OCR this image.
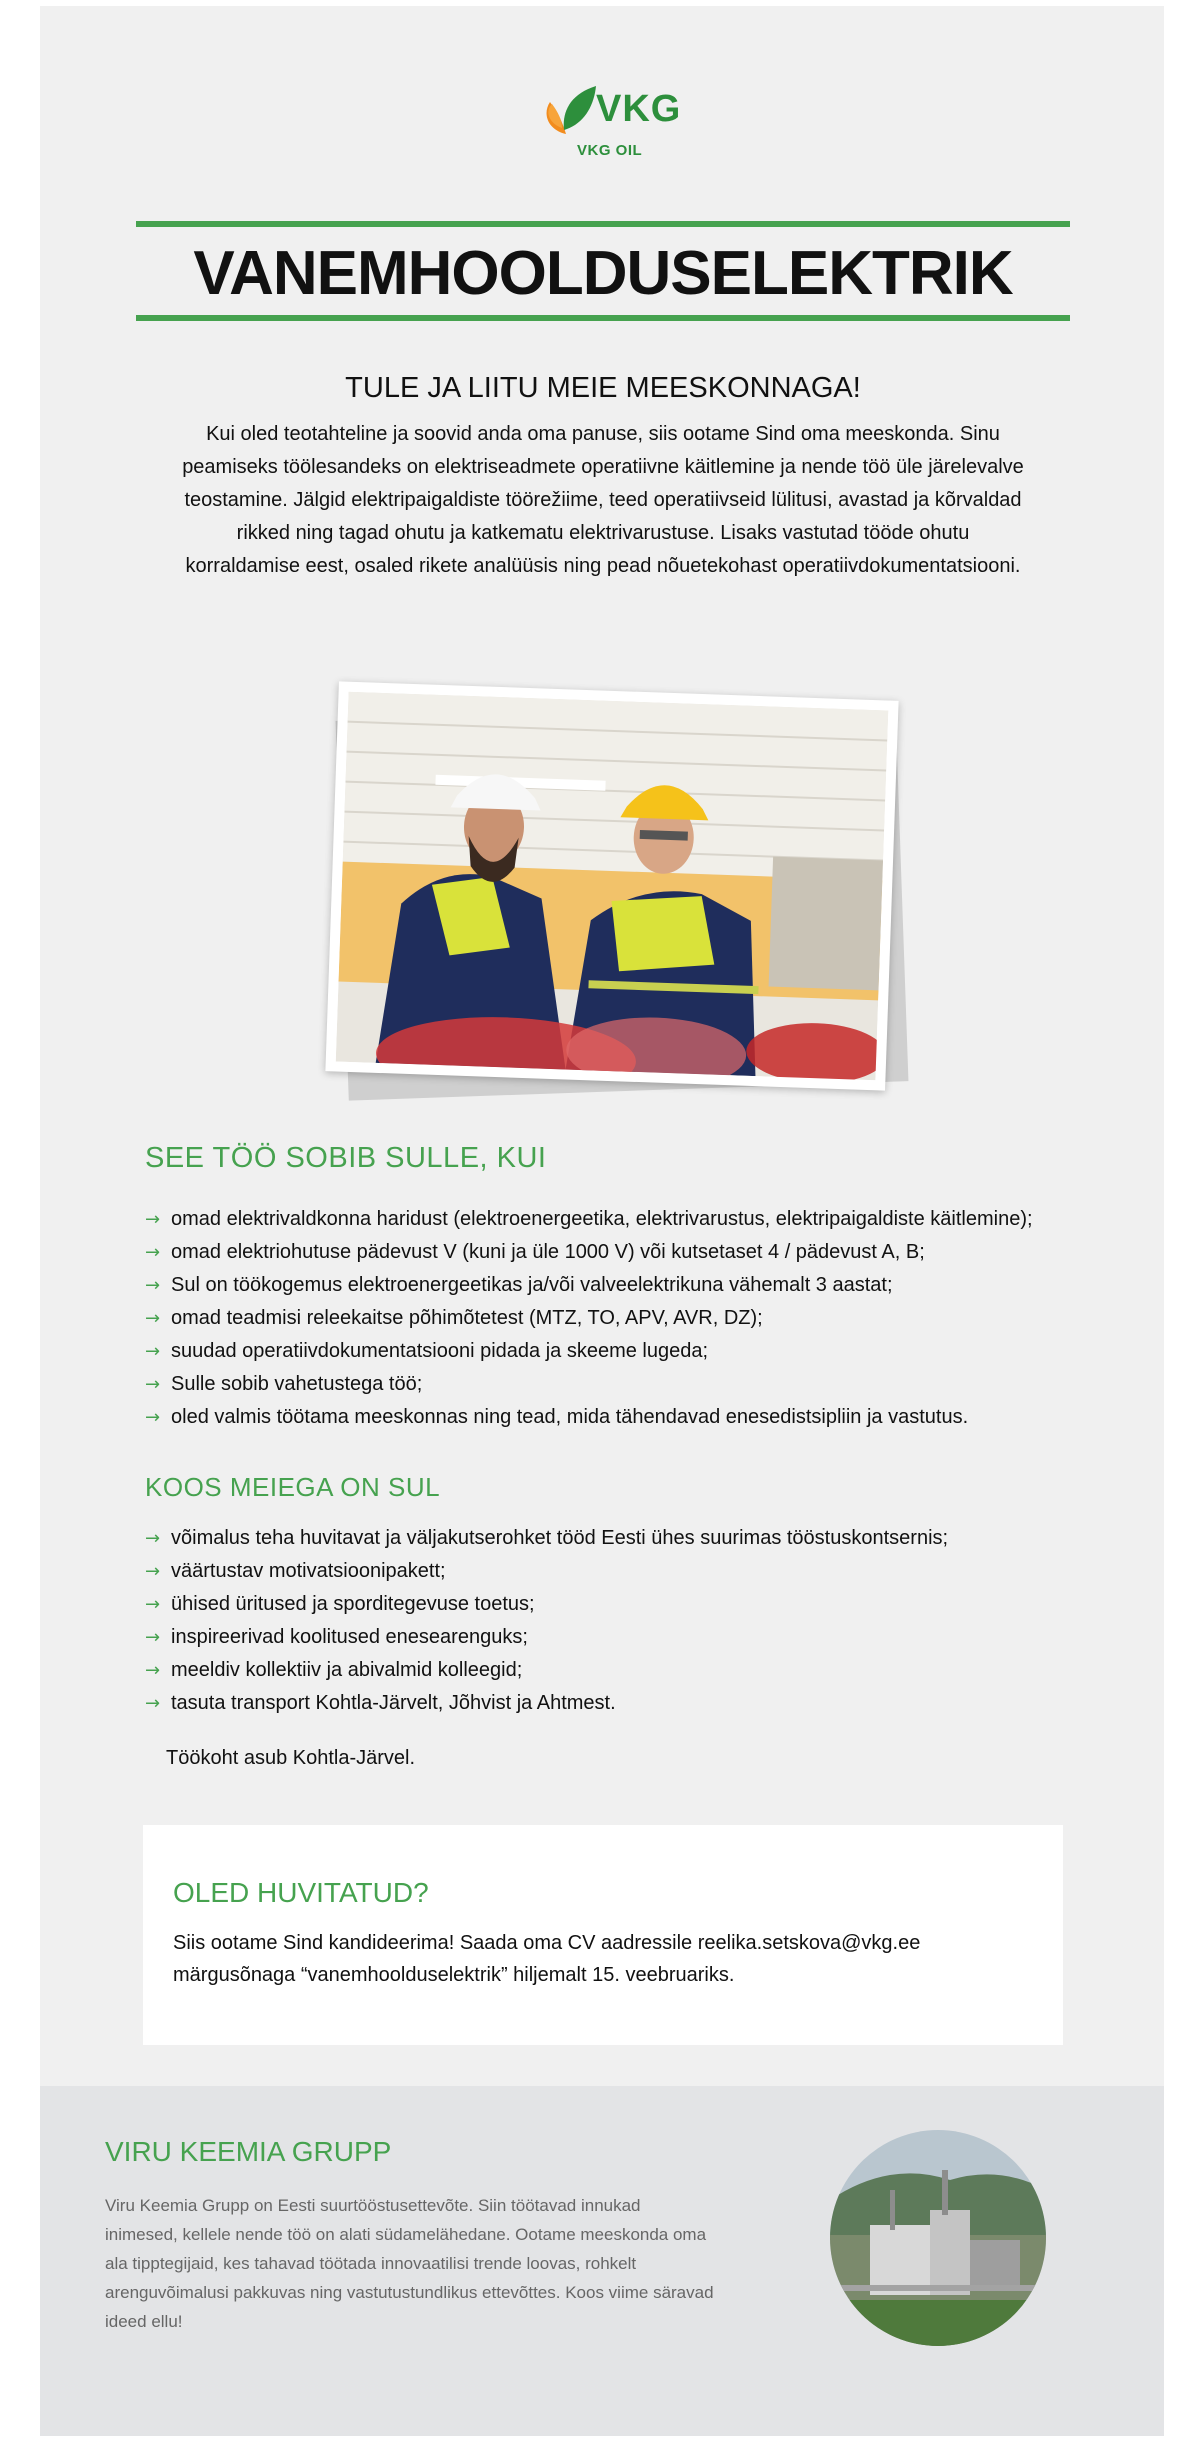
VKG
VKG OIL
VANEMHOOLDUSELEKTRIK
TULE JA LIITU MEIE MEESKONNAGA!
Kui oled teotahteline ja soovid anda oma panuse, siis ootame Sind oma meeskonda. Sinu peamiseks töölesandeks on elektriseadmete operatiivne käitlemine ja nende töö üle järelevalve teostamine. Jälgid elektripaigaldiste töörežiime, teed operatiivseid lülitusi, avastad ja kõrvaldad rikked ning tagad ohutu ja katkematu elektrivarustuse. Lisaks vastutad tööde ohutu korraldamise eest, osaled rikete analüüsis ning pead nõuetekohast operatiivdokumentatsiooni.
SEE TÖÖ SOBIB SULLE, KUI
→ omad elektrivaldkonna haridust (elektroenergeetika, elektrivarustus, elektripaigaldiste käitlemine);
→ omad elektriohutuse pädevust V (kuni ja üle 1000 V) või kutsetaset 4 / pädevust A, B;
→ Sul on töökogemus elektroenergeetikas ja/või valveelektrikuna vähemalt 3 aastat;
→ omad teadmisi releekaitse põhimõtetest (MTZ, TO, APV, AVR, DZ);
→ suudad operatiivdokumentatsiooni pidada ja skeeme lugeda;
→ Sulle sobib vahetustega töö;
→ oled valmis töötama meeskonnas ning tead, mida tähendavad enesedistsipliin ja vastutus.
KOOS MEIEGA ON SUL
→ võimalus teha huvitavat ja väljakutserohket tööd Eesti ühes suurimas tööstuskontsernis;
→ väärtustav motivatsioonipakett;
→ ühised üritused ja sporditegevuse toetus;
→ inspireerivad koolitused enesearenguks;
→ meeldiv kollektiiv ja abivalmid kolleegid;
→ tasuta transport Kohtla-Järvelt, Jõhvist ja Ahtmest.
Töökoht asub Kohtla-Järvel.
OLED HUVITATUD?
Siis ootame Sind kandideerima! Saada oma CV aadressile reelika.setskova@vkg.ee märgusõnaga “vanemhoolduselektrik” hiljemalt 15. veebruariks.
VIRU KEEMIA GRUPP
Viru Keemia Grupp on Eesti suurtööstusettevõte. Siin töötavad innukad inimesed, kellele nende töö on alati südamelähedane. Ootame meeskonda oma ala tipptegijaid, kes tahavad töötada innovaatilisi trende loovas, rohkelt arenguvõimalusi pakkuvas ning vastutustundlikus ettevõttes. Koos viime säravad ideed ellu!
